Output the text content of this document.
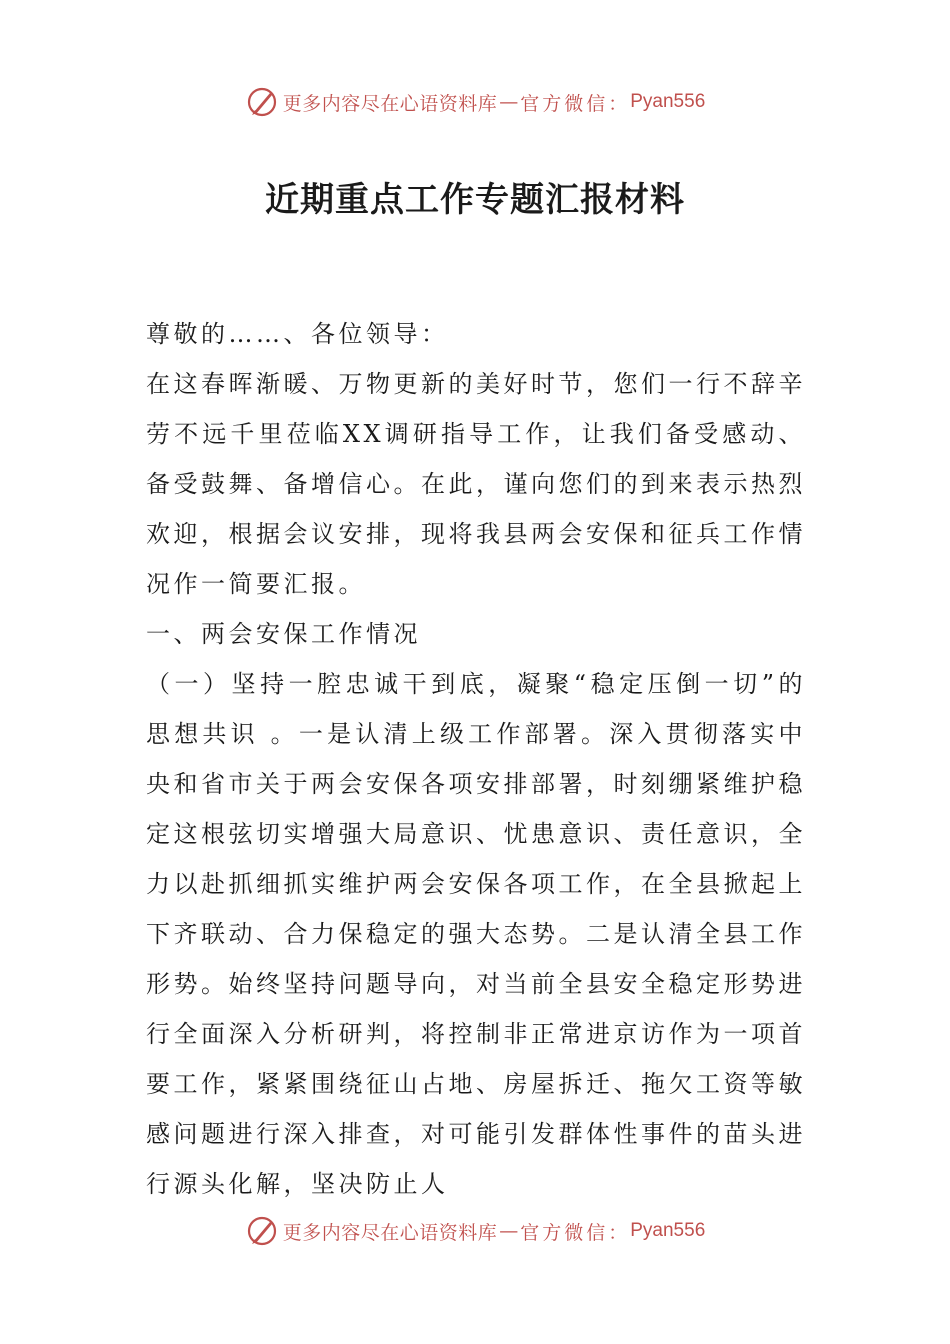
更多内容尽在心语资料库 — 官方微信： Pyan556
近期重点工作专题汇报材料

尊敬的……、各位领导：

在这春晖渐暖、万物更新的美好时节，您们一行不辞辛劳不远千里莅临XX调研指导工作，让我们备受感动、备受鼓舞、备增信心。在此，谨向您们的到来表示热烈欢迎，根据会议安排，现将我县两会安保和征兵工作情况作一简要汇报。

一、两会安保工作情况

（一）坚持一腔忠诚干到底，凝聚“稳定压倒一切”的思想共识 。一是认清上级工作部署。深入贯彻落实中央和省市关于两会安保各项安排部署，时刻绷紧维护稳定这根弦切实增强大局意识、忧患意识、责任意识，全力以赴抓细抓实维护两会安保各项工作，在全县掀起上下齐联动、合力保稳定的强大态势。二是认清全县工作形势。始终坚持问题导向，对当前全县安全稳定形势进行全面深入分析研判，将控制非正常进京访作为一项首要工作，紧紧围绕征山占地、房屋拆迁、拖欠工资等敏感问题进行深入排查，对可能引发群体性事件的苗头进行源头化解，坚决防止人

更多内容尽在心语资料库 — 官方微信： Pyan556
